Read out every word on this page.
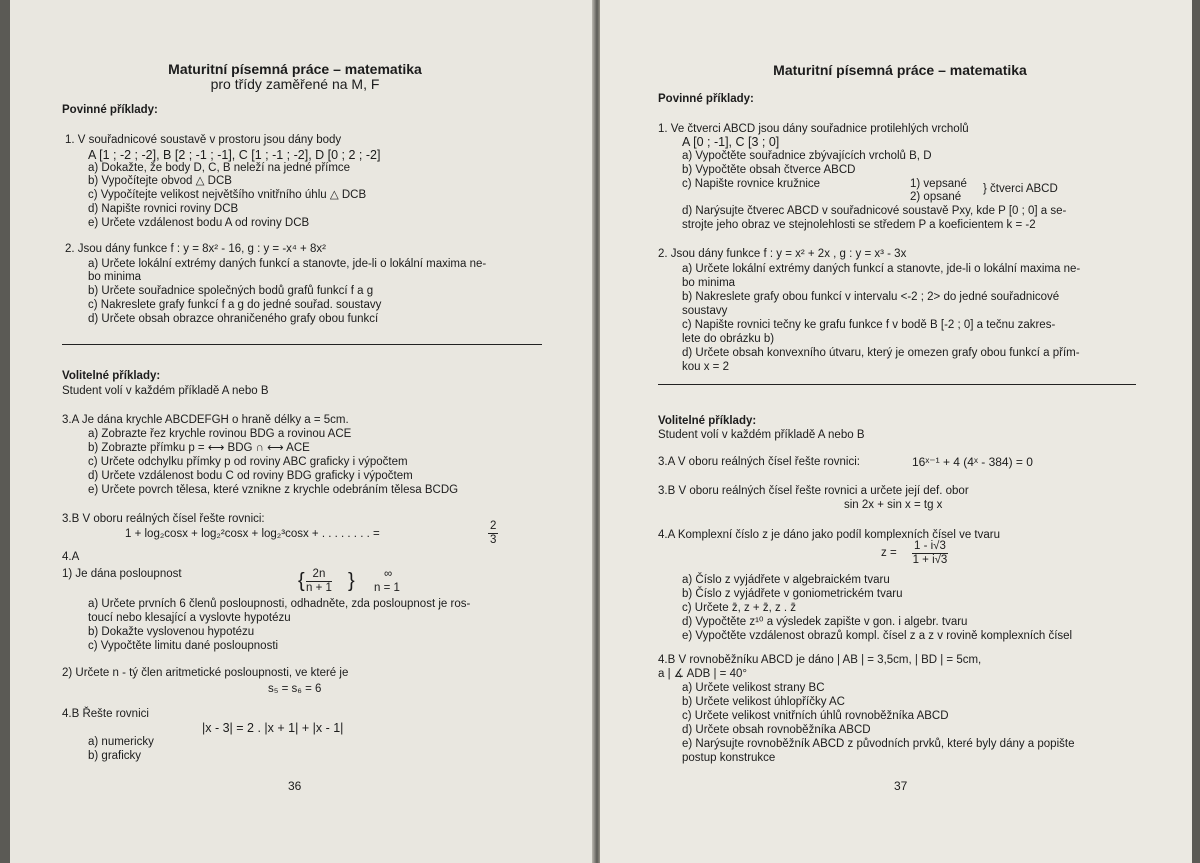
Maturitní písemná práce – matematika
pro třídy zaměřené na M, F
Povinné příklady:
1. V souřadnicové soustavě v prostoru jsou dány body
A [1 ; -2 ; -2], B [2 ; -1 ; -1], C [1 ; -1 ; -2], D [0 ; 2 ; -2]
a) Dokažte, že body D, C, B neleží na jedné přímce
b) Vypočítejte obvod △ DCB
c) Vypočítejte velikost největšího vnitřního úhlu △ DCB
d) Napište rovnici roviny DCB
e) Určete vzdálenost bodu A od roviny DCB
2. Jsou dány funkce f : y = 8x² - 16, g : y = -x⁴ + 8x²
a) Určete lokální extrémy daných funkcí a stanovte, jde-li o lokální maxima ne-
bo minima
b) Určete souřadnice společných bodů grafů funkcí f a g
c) Nakreslete grafy funkcí f a g do jedné souřad. soustavy
d) Určete obsah obrazce ohraničeného grafy obou funkcí
Volitelné příklady:
Student volí v každém příkladě A nebo B
3.A Je dána krychle ABCDEFGH o hraně délky a = 5cm.
a) Zobrazte řez krychle rovinou BDG a rovinou ACE
b) Zobrazte přímku p = ⟷ BDG ∩ ⟷ ACE
c) Určete odchylku přímky p od roviny ABC graficky i výpočtem
d) Určete vzdálenost bodu C od roviny BDG graficky i výpočtem
e) Určete povrch tělesa, které vznikne z krychle odebráním tělesa BCDG
3.B V oboru reálných čísel řešte rovnici:
1 + log₂cosx + log₂²cosx + log₂³cosx + . . . . . . . . =	$\frac{2}{3}$
4.A
1) Je dána posloupnost	$\frac{2n}{n + 1}$
{ }	∞
n = 1
a) Určete prvních 6 členů posloupnosti, odhadněte, zda posloupnost je ros-
toucí nebo klesající a vyslovte hypotézu
b) Dokažte vyslovenou hypotézu
c) Vypočtěte limitu dané posloupnosti
2) Určete n - tý člen aritmetické posloupnosti, ve které je
s₅ = s₆ = 6
4.B Řešte rovnici
|x - 3| = 2 . |x + 1| + |x - 1|
a) numericky
b) graficky
36
Maturitní písemná práce – matematika
Povinné příklady:
1. Ve čtverci ABCD jsou dány souřadnice protilehlých vrcholů
A [0 ; -1], C [3 ; 0]
a) Vypočtěte souřadnice zbývajících vrcholů B, D
b) Vypočtěte obsah čtverce ABCD
c) Napište rovnice kružnice	1) vepsané
2) opsané
} čtverci ABCD
d) Narýsujte čtverec ABCD v souřadnicové soustavě Pxy, kde P [0 ; 0] a se-
strojte jeho obraz ve stejnolehlosti se středem P a koeficientem k = -2
2. Jsou dány funkce f : y = x² + 2x , g : y = x³ - 3x
a) Určete lokální extrémy daných funkcí a stanovte, jde-li o lokální maxima ne-
bo minima
b) Nakreslete grafy obou funkcí v intervalu <-2 ; 2> do jedné souřadnicové
soustavy
c) Napište rovnici tečny ke grafu funkce f v bodě B [-2 ; 0] a tečnu zakres-
lete do obrázku b)
d) Určete obsah konvexního útvaru, který je omezen grafy obou funkcí a přím-
kou x = 2
Volitelné příklady:
Student volí v každém příkladě A nebo B
3.A V oboru reálných čísel řešte rovnici:	16ˣ⁻¹ + 4 (4ˣ - 384) = 0
3.B V oboru reálných čísel řešte rovnici a určete její def. obor
sin 2x + sin x = tg x
4.A Komplexní číslo z je dáno jako podíl komplexních čísel ve tvaru
$z = \frac{1 - i√3}{1 + i√3}$
a) Číslo z vyjádřete v algebraickém tvaru
b) Číslo z vyjádřete v goniometrickém tvaru
c) Určete z̄, z + z̄, z . z̄
d) Vypočtěte z¹⁰ a výsledek zapište v gon. i algebr. tvaru
e) Vypočtěte vzdálenost obrazů kompl. čísel z a z v rovině komplexních čísel
4.B V rovnoběžníku ABCD je dáno | AB | = 3,5cm, | BD | = 5cm,
a | ∡ ADB | = 40°
a) Určete velikost strany BC
b) Určete velikost úhlopříčky AC
c) Určete velikost vnitřních úhlů rovnoběžníka ABCD
d) Určete obsah rovnoběžníka ABCD
e) Narýsujte rovnoběžník ABCD z původních prvků, které byly dány a popište
postup konstrukce
37
